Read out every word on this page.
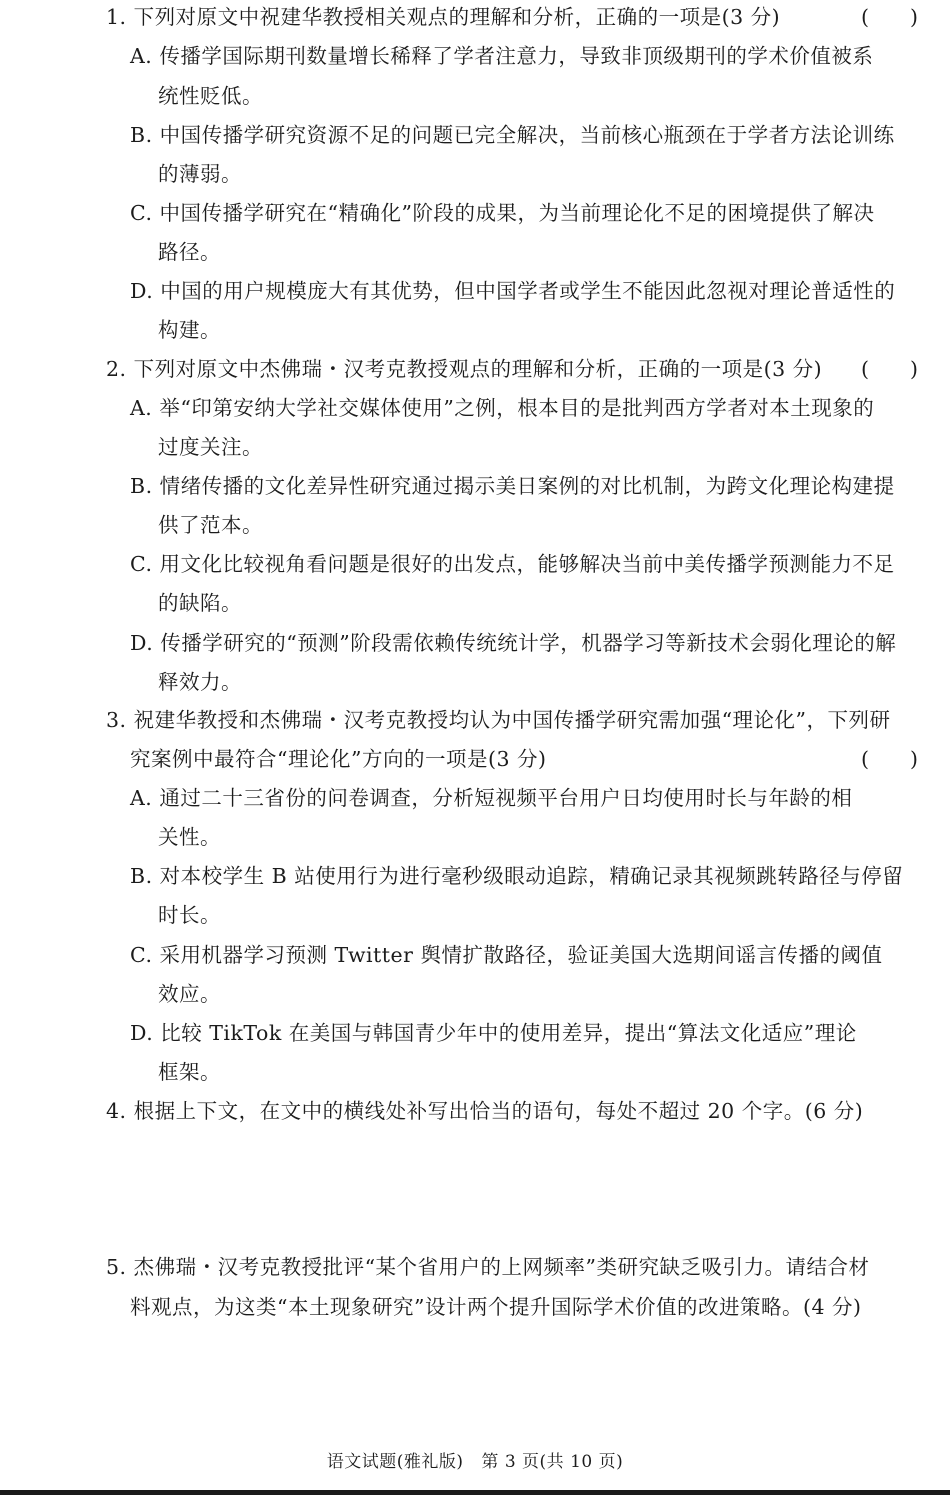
1. 下列对原文中祝建华教授相关观点的理解和分析，正确的一项是(3 分)	(　　)
A. 传播学国际期刊数量增长稀释了学者注意力，导致非顶级期刊的学术价值被系
统性贬低。
B. 中国传播学研究资源不足的问题已完全解决，当前核心瓶颈在于学者方法论训练
的薄弱。
C. 中国传播学研究在“精确化”阶段的成果，为当前理论化不足的困境提供了解决
路径。
D. 中国的用户规模庞大有其优势，但中国学者或学生不能因此忽视对理论普适性的
构建。
2. 下列对原文中杰佛瑞・汉考克教授观点的理解和分析，正确的一项是(3 分) (　　)
A. 举“印第安纳大学社交媒体使用”之例，根本目的是批判西方学者对本土现象的
过度关注。
B. 情绪传播的文化差异性研究通过揭示美日案例的对比机制，为跨文化理论构建提
供了范本。
C. 用文化比较视角看问题是很好的出发点，能够解决当前中美传播学预测能力不足
的缺陷。
D. 传播学研究的“预测”阶段需依赖传统统计学，机器学习等新技术会弱化理论的解
释效力。
3. 祝建华教授和杰佛瑞・汉考克教授均认为中国传播学研究需加强“理论化”，下列研
究案例中最符合“理论化”方向的一项是(3 分)	(　　)
A. 通过二十三省份的问卷调查，分析短视频平台用户日均使用时长与年龄的相
关性。
B. 对本校学生 B 站使用行为进行毫秒级眼动追踪，精确记录其视频跳转路径与停留
时长。
C. 采用机器学习预测 Twitter 舆情扩散路径，验证美国大选期间谣言传播的阈值
效应。
D. 比较 TikTok 在美国与韩国青少年中的使用差异，提出“算法文化适应”理论
框架。
4. 根据上下文，在文中的横线处补写出恰当的语句，每处不超过 20 个字。(6 分)
5. 杰佛瑞・汉考克教授批评“某个省用户的上网频率”类研究缺乏吸引力。请结合材
料观点，为这类“本土现象研究”设计两个提升国际学术价值的改进策略。(4 分)
语文试题(雅礼版) 第 3 页(共 10 页)
